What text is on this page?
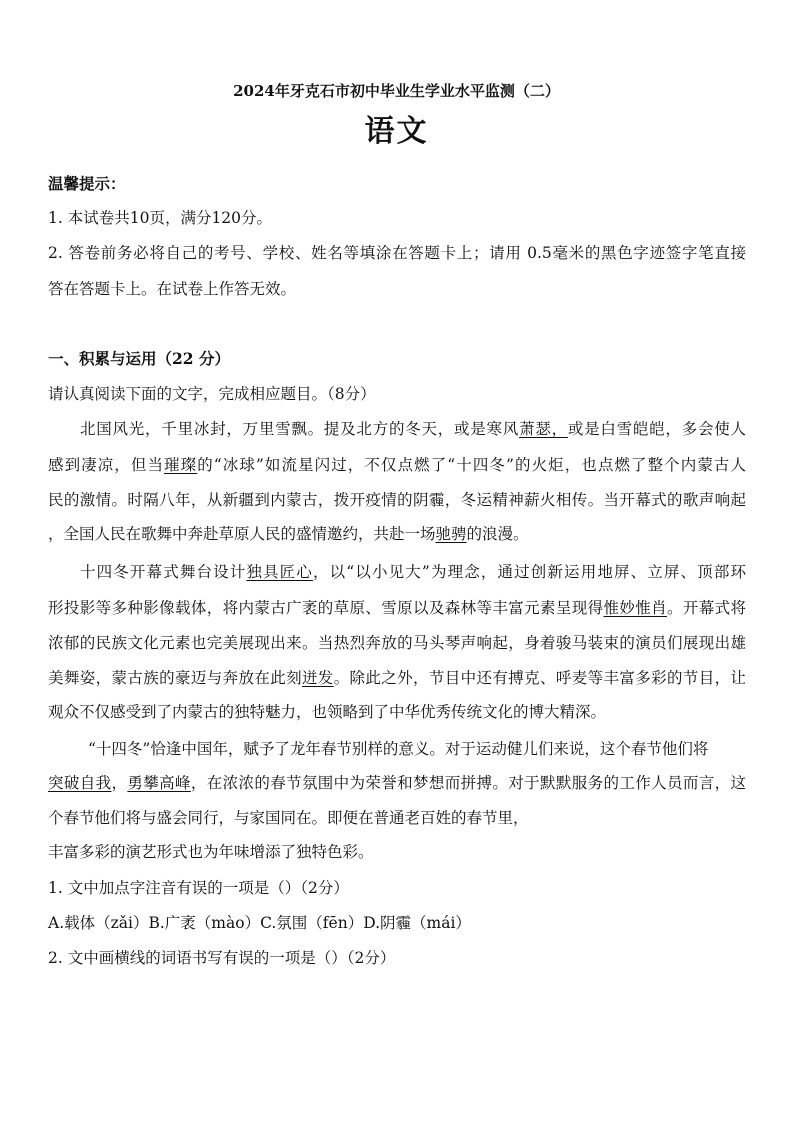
2024年牙克石市初中毕业生学业水平监测（二）
语文
温馨提示：
1. 本试卷共10页，满分120分。
2. 答卷前务必将自己的考号、学校、姓名等填涂在答题卡上；请用 0.5毫米的黑色字迹签字笔直接
答在答题卡上。在试卷上作答无效。
一、积累与运用（22 分）
请认真阅读下面的文字，完成相应题目。（8分）
北国风光，千里冰封，万里雪飘。提及北方的冬天，或是寒风萧瑟，或是白雪皑皑，多会使人
感到凄凉，但当璀璨的“冰球”如流星闪过，不仅点燃了“十四冬”的火炬，也点燃了整个内蒙古人
民的激情。时隔八年，从新疆到内蒙古，拨开疫情的阴霾，冬运精神薪火相传。当开幕式的歌声响起
，全国人民在歌舞中奔赴草原人民的盛情邀约，共赴一场驰骋的浪漫。
十四冬开幕式舞台设计独具匠心，以“以小见大”为理念，通过创新运用地屏、立屏、顶部环
形投影等多种影像载体，将内蒙古广袤的草原、雪原以及森林等丰富元素呈现得惟妙惟肖。开幕式将
浓郁的民族文化元素也完美展现出来。当热烈奔放的马头琴声响起，身着骏马装束的演员们展现出雄
美舞姿，蒙古族的豪迈与奔放在此刻迸发。除此之外，节目中还有搏克、呼麦等丰富多彩的节目，让
观众不仅感受到了内蒙古的独特魅力，也领略到了中华优秀传统文化的博大精深。
“十四冬”恰逢中国年，赋予了龙年春节别样的意义。对于运动健儿们来说，这个春节他们将
突破自我，勇攀高峰，在浓浓的春节氛围中为荣誉和梦想而拼搏。对于默默服务的工作人员而言，这
个春节他们将与盛会同行，与家国同在。即便在普通老百姓的春节里，
丰富多彩的演艺形式也为年味增添了独特色彩。
1. 文中加点字注音有误的一项是（）（2分）
A.载体（zǎi）B.广袤（mào）C.氛围（fēn）D.阴霾（mái）
2. 文中画横线的词语书写有误的一项是（）（2分）
